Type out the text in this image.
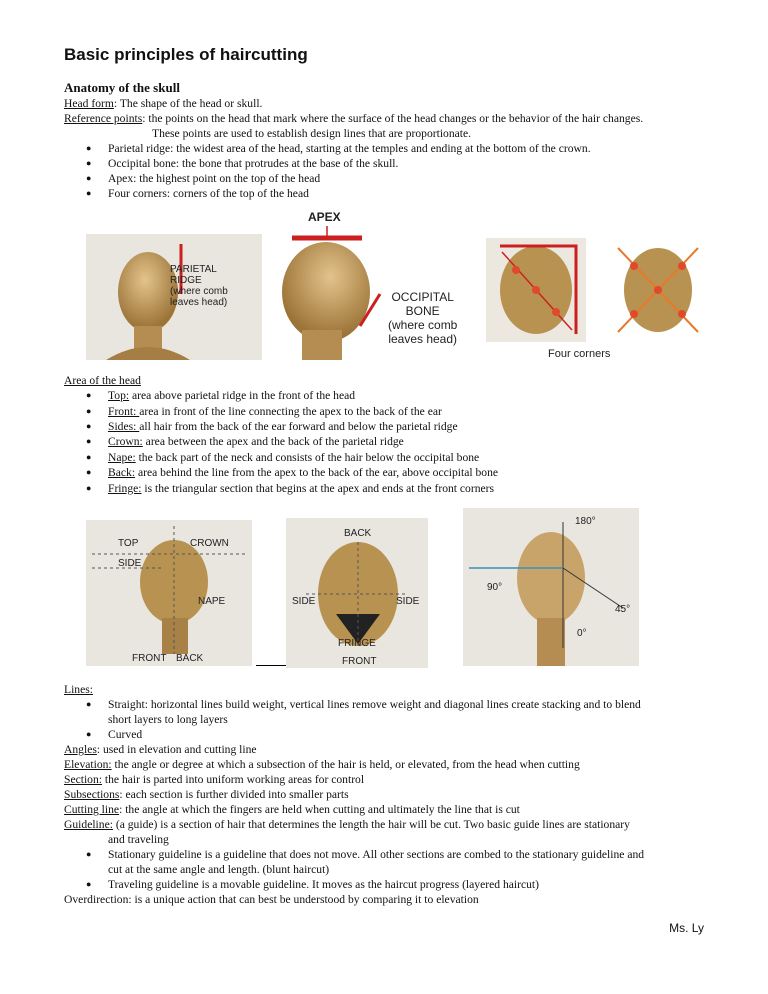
Basic principles of haircutting
Anatomy of the skull
Head form: The shape of the head or skull.
Reference points: the points on the head that mark where the surface of the head changes or the behavior of the hair changes.
These points are used to establish design lines that are proportionate.
● Parietal ridge: the widest area of the head, starting at the temples and ending at the bottom of the crown.
● Occipital bone: the bone that protrudes at the base of the skull.
● Apex: the highest point on the top of the head
● Four corners: corners of the top of the head
PARIETAL
RIDGE
(where comb
leaves head)
APEX
OCCIPITAL
BONE
(where comb
leaves head)
Four corners
Area of the head
● Top: area above parietal ridge in the front of the head
● Front: area in front of the line connecting the apex to the back of the ear
● Sides: all hair from the back of the ear forward and below the parietal ridge
● Crown: area between the apex and the back of the parietal ridge
● Nape: the back part of the neck and consists of the hair below the occipital bone
● Back: area behind the line from the apex to the back of the ear, above occipital bone
● Fringe: is the triangular section that begins at the apex and ends at the front corners
TOP	CROWN
SIDE
NAPE
FRONT BACK
BACK
SIDE	SIDE
FRINGE
FRONT
180°
90°
45°
0°
Lines:
● Straight: horizontal lines build weight, vertical lines remove weight and diagonal lines create stacking and to blend
short layers to long layers
● Curved
Angles: used in elevation and cutting line
Elevation: the angle or degree at which a subsection of the hair is held, or elevated, from the head when cutting
Section: the hair is parted into uniform working areas for control
Subsections: each section is further divided into smaller parts
Cutting line: the angle at which the fingers are held when cutting and ultimately the line that is cut
Guideline: (a guide) is a section of hair that determines the length the hair will be cut. Two basic guide lines are stationary
and traveling
● Stationary guideline is a guideline that does not move. All other sections are combed to the stationary guideline and
cut at the same angle and length. (blunt haircut)
● Traveling guideline is a movable guideline. It moves as the haircut progress (layered haircut)
Overdirection: is a unique action that can best be understood by comparing it to elevation
Ms. Ly
